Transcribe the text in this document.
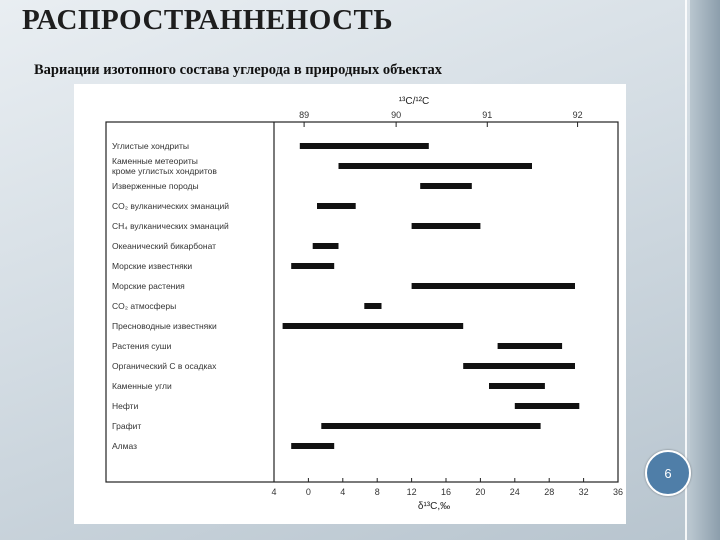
РАСПРОСТРАННЕНОСТЬ
Вариации изотопного состава углерода в природных объектах
¹³C/¹²C
δ¹³C,‰
4	0	4	8	12	16	20	24	28	32	36
89	90	91	92
Углистые хондриты
Каменные метеориты кроме углистых хондритов
Изверженные породы
CO₂ вулканических эманаций
CH₄ вулканических эманаций
Океанический бикарбонат
Морские известняки
Морские растения
CO₂ атмосферы
Пресноводные известняки
Растения суши
Органический C в осадках
Каменные угли
Нефти
Графит
Алмаз
6
